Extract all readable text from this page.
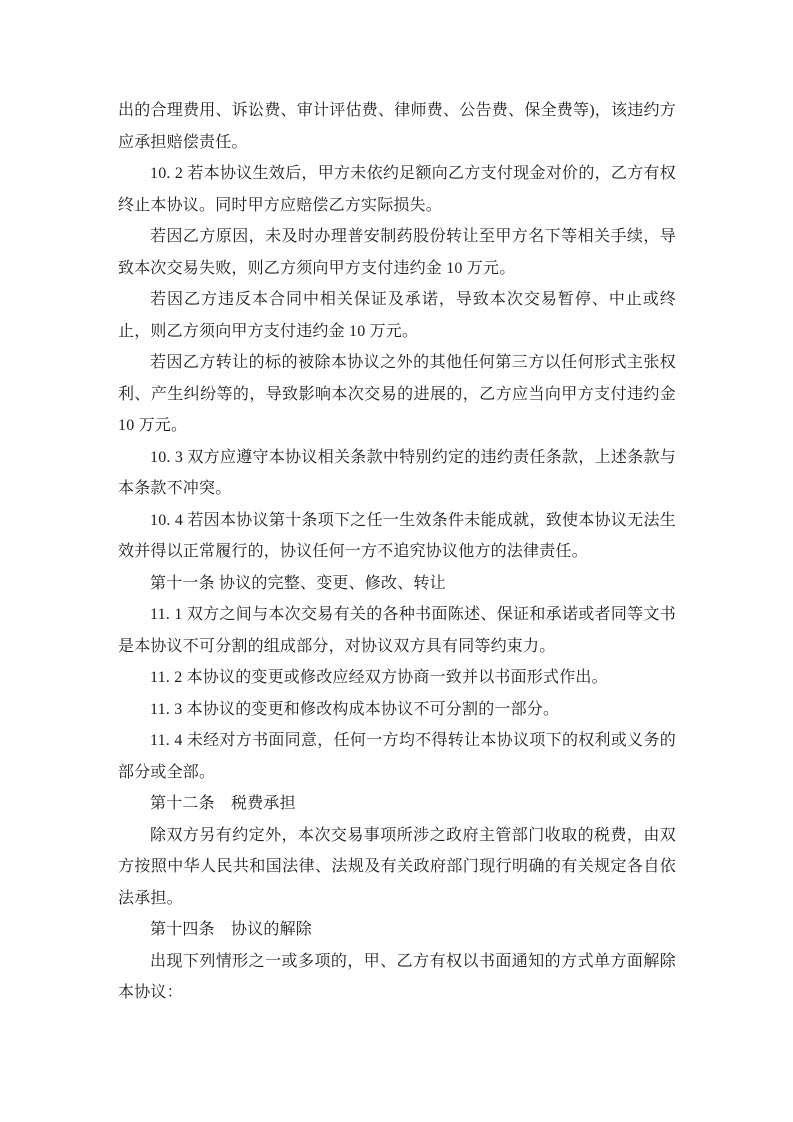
出的合理费用、诉讼费、审计评估费、律师费、公告费、保全费等)，该违约方应承担赔偿责任。

10. 2 若本协议生效后，甲方未依约足额向乙方支付现金对价的，乙方有权终止本协议。同时甲方应赔偿乙方实际损失。

若因乙方原因，未及时办理普安制药股份转让至甲方名下等相关手续，导致本次交易失败，则乙方须向甲方支付违约金 10 万元。

若因乙方违反本合同中相关保证及承诺，导致本次交易暂停、中止或终止，则乙方须向甲方支付违约金 10 万元。

若因乙方转让的标的被除本协议之外的其他任何第三方以任何形式主张权利、产生纠纷等的，导致影响本次交易的进展的，乙方应当向甲方支付违约金 10 万元。

10. 3 双方应遵守本协议相关条款中特别约定的违约责任条款，上述条款与本条款不冲突。

10. 4 若因本协议第十条项下之任一生效条件未能成就，致使本协议无法生效并得以正常履行的，协议任何一方不追究协议他方的法律责任。

第十一条 协议的完整、变更、修改、转让

11. 1 双方之间与本次交易有关的各种书面陈述、保证和承诺或者同等文书是本协议不可分割的组成部分，对协议双方具有同等约束力。

11. 2 本协议的变更或修改应经双方协商一致并以书面形式作出。

11. 3 本协议的变更和修改构成本协议不可分割的一部分。

11. 4 未经对方书面同意，任何一方均不得转让本协议项下的权利或义务的部分或全部。

第十二条　税费承担

除双方另有约定外，本次交易事项所涉之政府主管部门收取的税费，由双方按照中华人民共和国法律、法规及有关政府部门现行明确的有关规定各自依法承担。

第十四条　协议的解除

出现下列情形之一或多项的，甲、乙方有权以书面通知的方式单方面解除本协议：
